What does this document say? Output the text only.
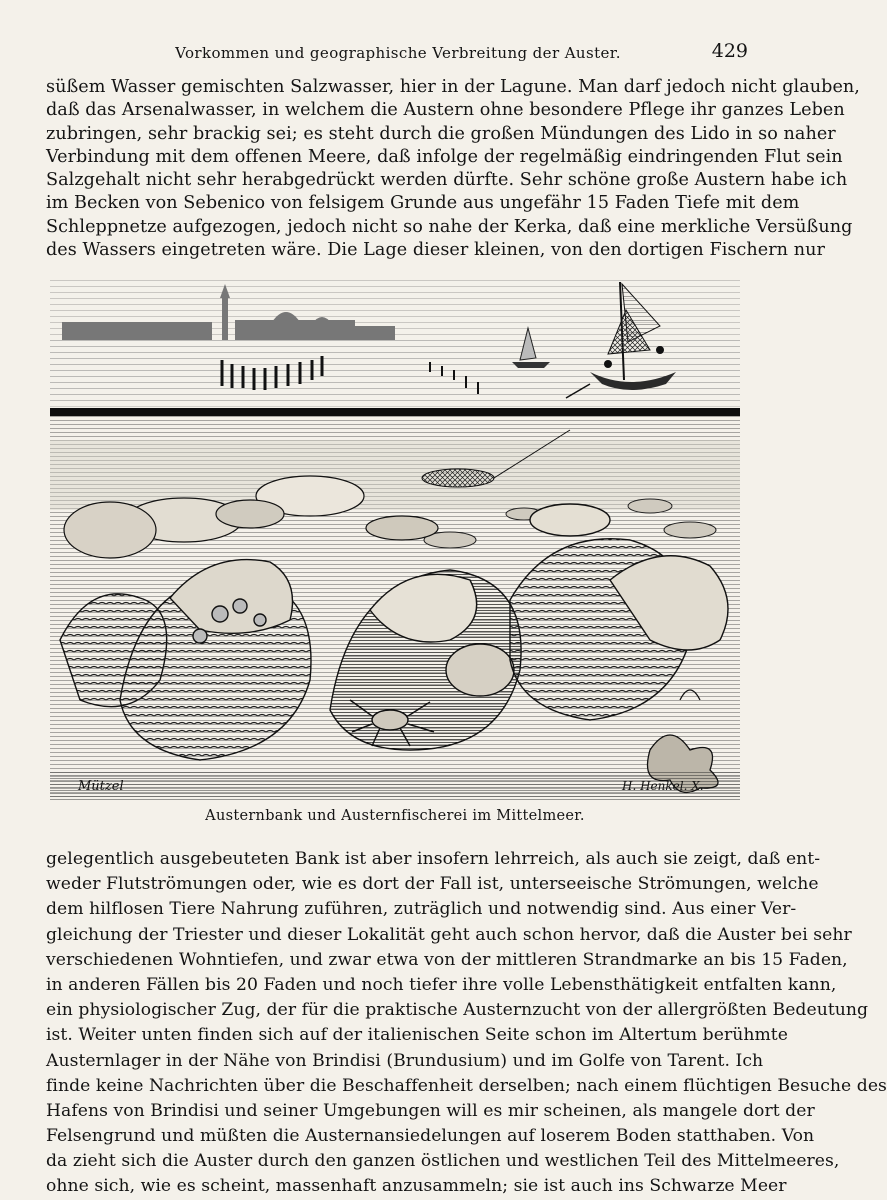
Vorkommen und geographische Verbreitung der Auster.	429
süßem Wasser gemischten Salzwasser, hier in der Lagune. Man darf jedoch nicht glauben,
daß das Arsenalwasser, in welchem die Austern ohne besondere Pflege ihr ganzes Leben
zubringen, sehr brackig sei; es steht durch die großen Mündungen des Lido in so naher
Verbindung mit dem offenen Meere, daß infolge der regelmäßig eindringenden Flut sein
Salzgehalt nicht sehr herabgedrückt werden dürfte. Sehr schöne große Austern habe ich
im Becken von Sebenico von felsigem Grunde aus ungefähr 15 Faden Tiefe mit dem
Schleppnetze aufgezogen, jedoch nicht so nahe der Kerka, daß eine merkliche Versüßung
des Wassers eingetreten wäre. Die Lage dieser kleinen, von den dortigen Fischern nur
Mützel	H. Henkel. X.
Austernbank und Austernfischerei im Mittelmeer.
gelegentlich ausgebeuteten Bank ist aber insofern lehrreich, als auch sie zeigt, daß ent-
weder Flutströmungen oder, wie es dort der Fall ist, unterseeische Strömungen, welche
dem hilflosen Tiere Nahrung zuführen, zuträglich und notwendig sind. Aus einer Ver-
gleichung der Triester und dieser Lokalität geht auch schon hervor, daß die Auster bei sehr
verschiedenen Wohntiefen, und zwar etwa von der mittleren Strandmarke an bis 15 Faden,
in anderen Fällen bis 20 Faden und noch tiefer ihre volle Lebensthätigkeit entfalten kann,
ein physiologischer Zug, der für die praktische Austernzucht von der allergrößten Bedeutung
ist. Weiter unten finden sich auf der italienischen Seite schon im Altertum berühmte
Austernlager in der Nähe von Brindisi (Brundusium) und im Golfe von Tarent. Ich
finde keine Nachrichten über die Beschaffenheit derselben; nach einem flüchtigen Besuche des
Hafens von Brindisi und seiner Umgebungen will es mir scheinen, als mangele dort der
Felsengrund und müßten die Austernansiedelungen auf loserem Boden statthaben. Von
da zieht sich die Auster durch den ganzen östlichen und westlichen Teil des Mittelmeeres,
ohne sich, wie es scheint, massenhaft anzusammeln; sie ist auch ins Schwarze Meer
